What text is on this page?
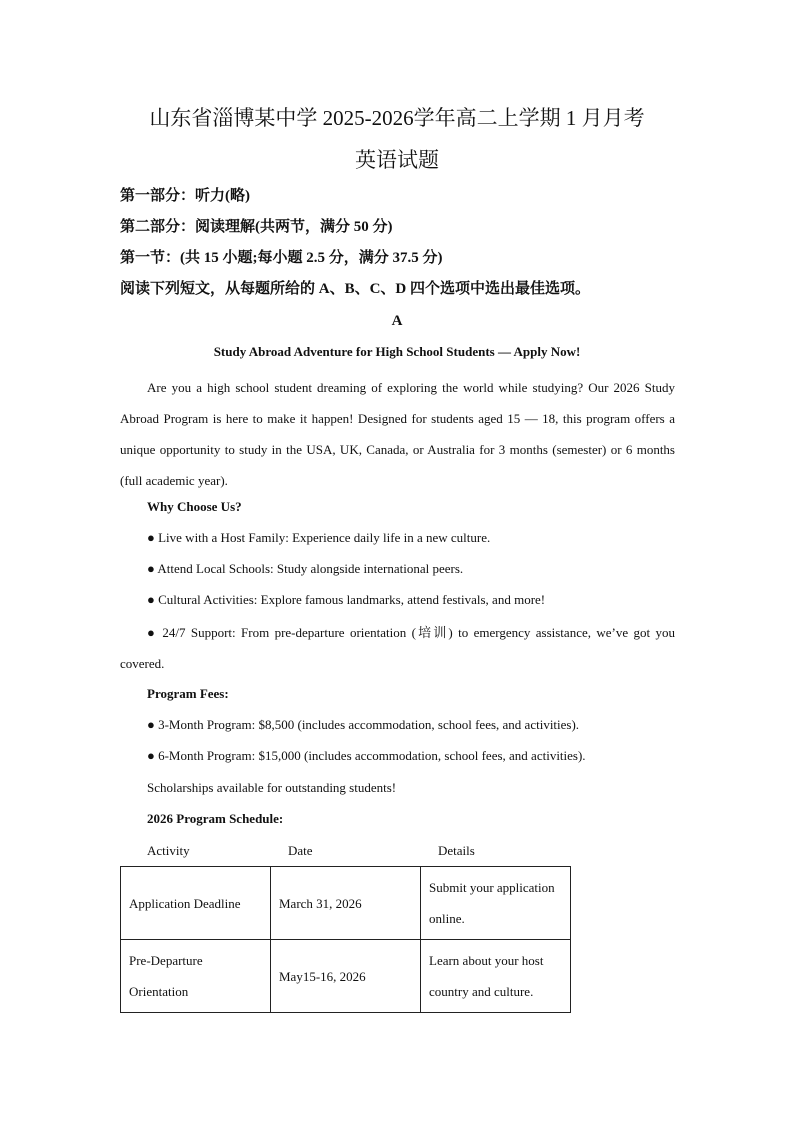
山东省淄博某中学 2025-2026学年高二上学期 1 月月考
英语试题
第一部分：听力(略)
第二部分：阅读理解(共两节，满分 50 分)
第一节：(共 15 小题;每小题 2.5 分，满分 37.5 分)
阅读下列短文，从每题所给的 A、B、C、D 四个选项中选出最佳选项。
A
Study Abroad Adventure for High School Students — Apply Now!

Are you a high school student dreaming of exploring the world while studying? Our 2026 Study Abroad Program is here to make it happen! Designed for students aged 15 — 18, this program offers a unique opportunity to study in the USA, UK, Canada, or Australia for 3 months (semester) or 6 months (full academic year).

Why Choose Us?
● Live with a Host Family: Experience daily life in a new culture.
● Attend Local Schools: Study alongside international peers.
● Cultural Activities: Explore famous landmarks, attend festivals, and more!

● 24/7 Support: From pre-departure orientation (培训) to emergency assistance, we’ve got you covered.

Program Fees:
● 3-Month Program: $8,500 (includes accommodation, school fees, and activities).
● 6-Month Program: $15,000 (includes accommodation, school fees, and activities).
Scholarships available for outstanding students!
2026 Program Schedule:
Activity	Date	Details
Application Deadline	March 31, 2026	Submit your application online.
Pre-Departure Orientation	May15-16, 2026	Learn about your host country and culture.
